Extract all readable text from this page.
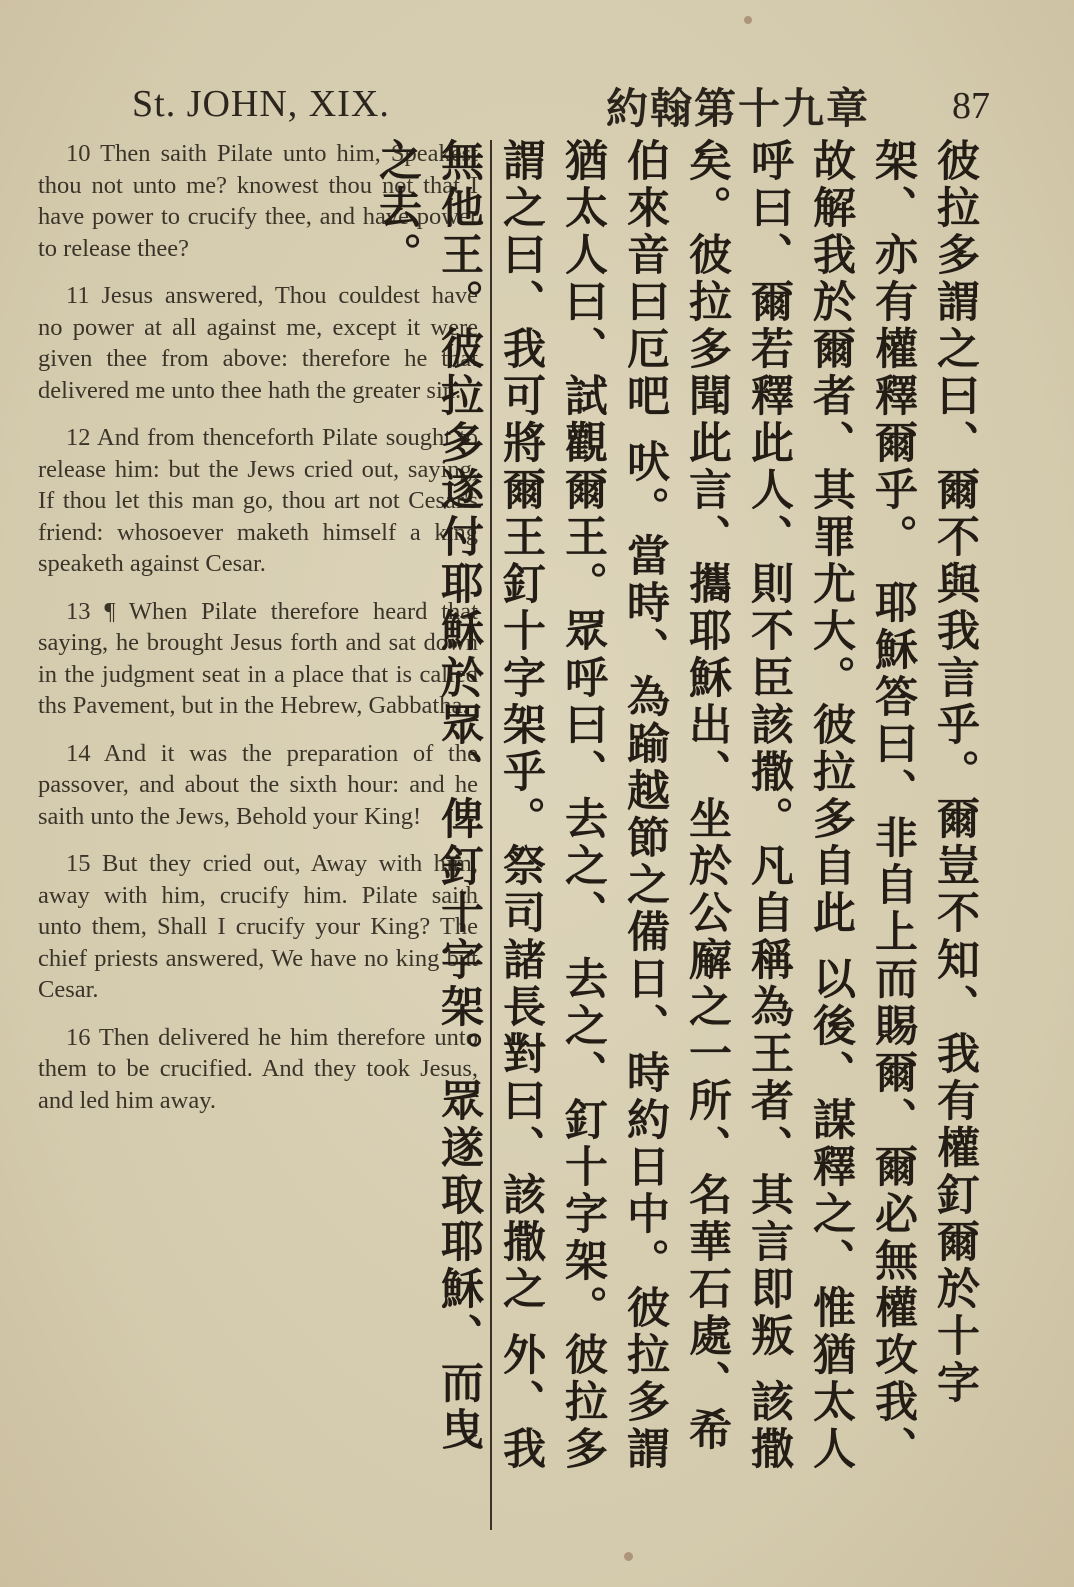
St. JOHN, XIX.	約翰第十九章 87

10 Then saith Pilate unto him, Speakest thou not unto me? knowest thou not that I have power to crucify thee, and have power to release thee?

11 Jesus answered, Thou couldest have no power at all against me, except it were given thee from above: therefore he that delivered me unto thee hath the greater sin.

12 And from thenceforth Pilate sought to release him: but the Jews cried out, saying, If thou let this man go, thou art not Cesar's friend: whosoever maketh himself a king speaketh against Cesar.

13 ¶ When Pilate therefore heard that saying, he brought Jesus forth and sat down in the judgment seat in a place that is called ths Pavement, but in the Hebrew, Gabbatha.

14 And it was the preparation of the passover, and about the sixth hour: and he saith unto the Jews, Behold your King!

15 But they cried out, Away with him, away with him, crucify him. Pilate saith unto them, Shall I crucify your King? The chief priests answered, We have no king but Cesar.

16 Then delivered he him therefore unto them to be crucified. And they took Jesus, and led him away.	彼拉多謂之曰、爾不與我言乎。爾豈不知、我有權釘爾於十字架、亦有權釋爾乎。 耶穌答曰、非自上而賜爾、爾必無權攻我、故解我於爾者、其罪尤大。彼拉多自此 以後、謀釋之、惟猶太人呼曰、爾若釋此人、則不臣該撒。凡自稱為王者、其言即叛 該撒矣。彼拉多聞此言、攜耶穌出、坐於公廨之一所、名華石處、希伯來音曰厄吧 吠。當時、為踰越節之備日、時約日中。彼拉多謂猶太人曰、試觀爾王。眾呼曰、去之、 去之、釘十字架。彼拉多謂之曰、我可將爾王釘十字架乎。祭司諸長對曰、該撒之 外、我無他王。彼拉多遂付耶穌於眾、俾釘十字架。眾遂取耶穌、而曳之去。
